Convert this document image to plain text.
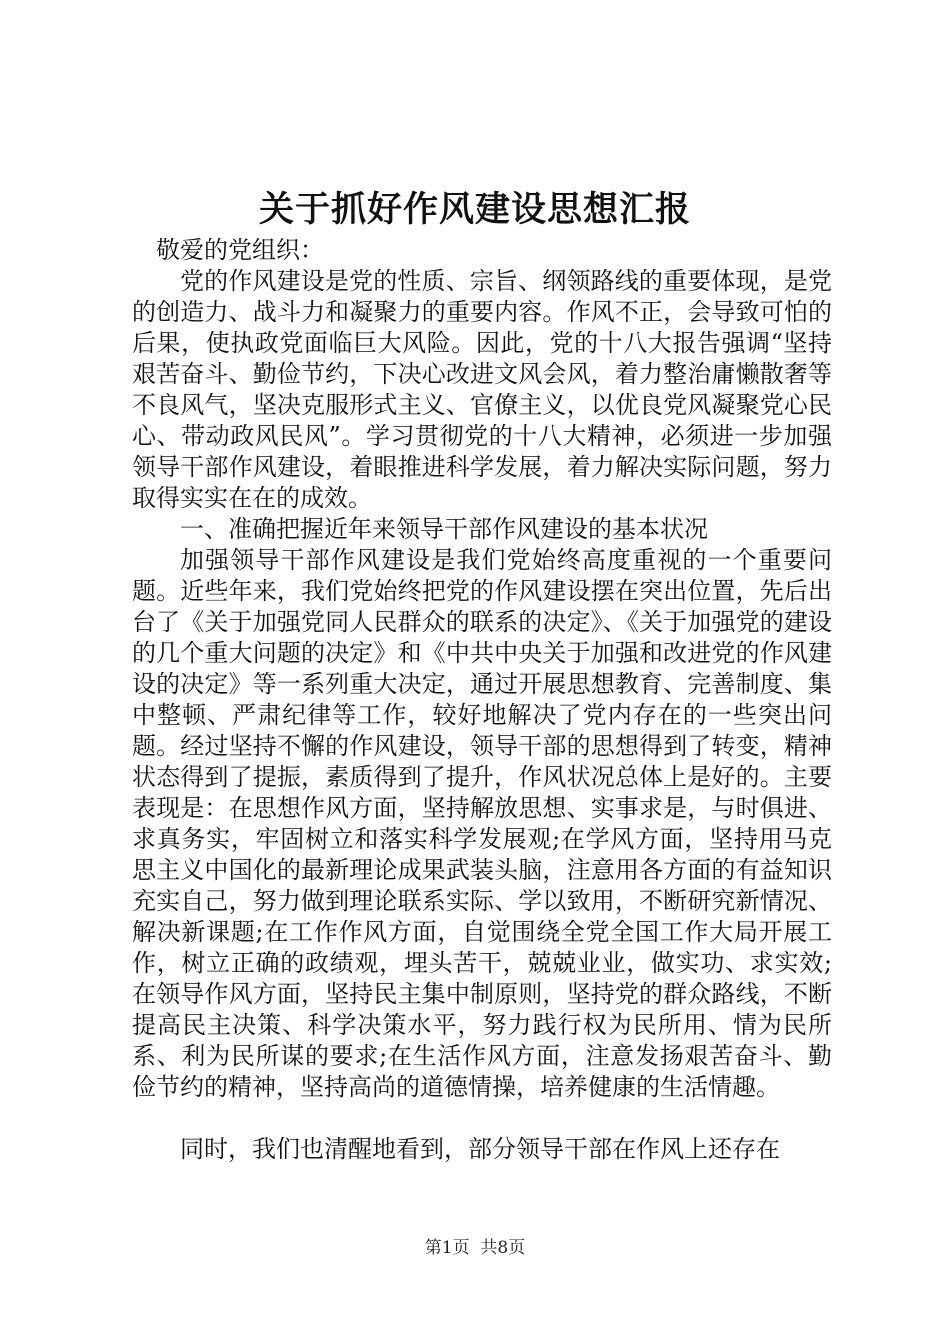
关于抓好作风建设思想汇报

敬爱的党组织：

党的作风建设是党的性质、宗旨、纲领路线的重要体现，是党的创造力、战斗力和凝聚力的重要内容。作风不正，会导致可怕的后果，使执政党面临巨大风险。因此，党的十八大报告强调“坚持艰苦奋斗、勤俭节约，下决心改进文风会风，着力整治庸懒散奢等不良风气，坚决克服形式主义、官僚主义，以优良党风凝聚党心民心、带动政风民风”。学习贯彻党的十八大精神，必须进一步加强领导干部作风建设，着眼推进科学发展，着力解决实际问题，努力取得实实在在的成效。

一、准确把握近年来领导干部作风建设的基本状况

加强领导干部作风建设是我们党始终高度重视的一个重要问题。近些年来，我们党始终把党的作风建设摆在突出位置，先后出台了《关于加强党同人民群众的联系的决定》、《关于加强党的建设的几个重大问题的决定》和《中共中央关于加强和改进党的作风建设的决定》等一系列重大决定，通过开展思想教育、完善制度、集中整顿、严肃纪律等工作，较好地解决了党内存在的一些突出问题。经过坚持不懈的作风建设，领导干部的思想得到了转变，精神状态得到了提振，素质得到了提升，作风状况总体上是好的。主要表现是：在思想作风方面，坚持解放思想、实事求是，与时俱进、求真务实，牢固树立和落实科学发展观;在学风方面，坚持用马克思主义中国化的最新理论成果武装头脑，注意用各方面的有益知识充实自己，努力做到理论联系实际、学以致用，不断研究新情况、解决新课题;在工作作风方面，自觉围绕全党全国工作大局开展工作，树立正确的政绩观，埋头苦干，兢兢业业，做实功、求实效;在领导作风方面，坚持民主集中制原则，坚持党的群众路线，不断提高民主决策、科学决策水平，努力践行权为民所用、情为民所系、利为民所谋的要求;在生活作风方面，注意发扬艰苦奋斗、勤俭节约的精神，坚持高尚的道德情操，培养健康的生活情趣。

同时，我们也清醒地看到，部分领导干部在作风上还存在

第1页 共8页
